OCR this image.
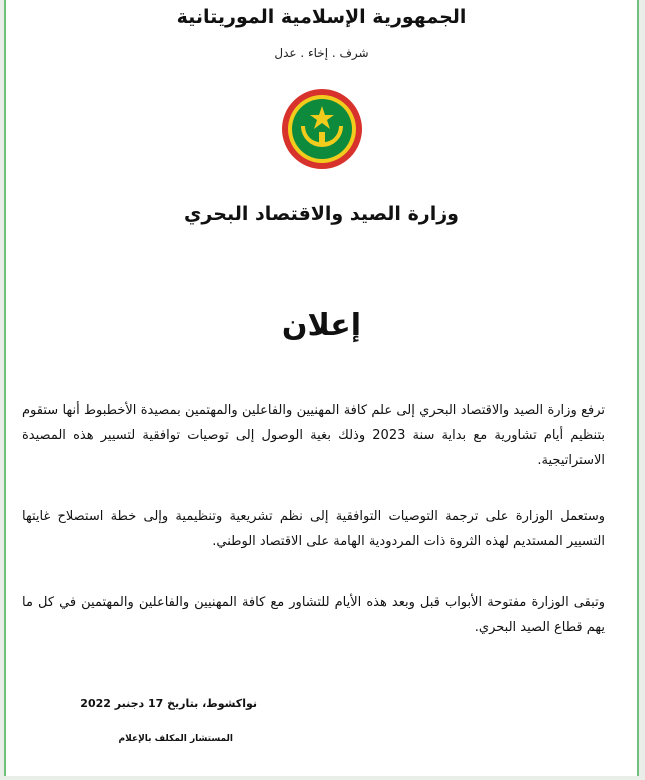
الجمهورية الإسلامية الموريتانية
شرف . إخاء . عدل
وزارة الصيد والاقتصاد البحري
إعلان
ترفع وزارة الصيد والاقتصاد البحري إلى علم كافة المهنيين والفاعلين والمهتمين بمصيدة الأخطبوط أنها ستقوم بتنظيم أيام تشاورية مع بداية سنة 2023 وذلك بغية الوصول إلى توصيات توافقية لتسيير هذه المصيدة الاستراتيجية.
وستعمل الوزارة على ترجمة التوصيات التوافقية إلى نظم تشريعية وتنظيمية وإلى خطة استصلاح غايتها التسيير المستديم لهذه الثروة ذات المردودية الهامة على الاقتصاد الوطني.
وتبقى الوزارة مفتوحة الأبواب قبل وبعد هذه الأيام للتشاور مع كافة المهنيين والفاعلين والمهتمين في كل ما يهم قطاع الصيد البحري.
نواكشوط، بتاريخ 17 دجنبر 2022
المستشار المكلف بالإعلام
